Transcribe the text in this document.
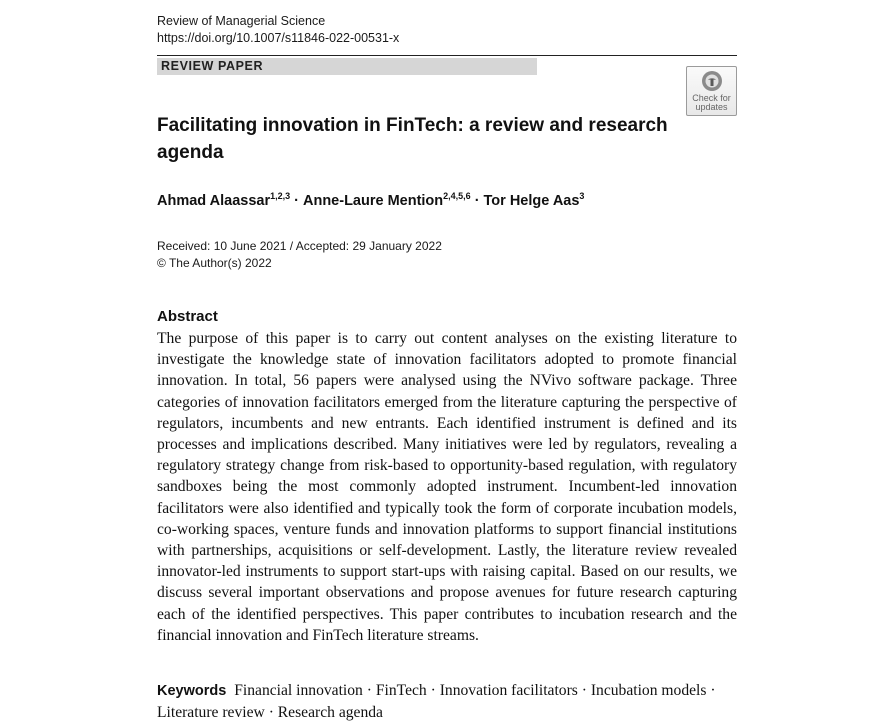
Review of Managerial Science
https://doi.org/10.1007/s11846-022-00531-x
REVIEW PAPER
Check for
updates
Facilitating innovation in FinTech: a review and research agenda
Ahmad Alaassar$^{1,2,3}$ · Anne-Laure Mention$^{2,4,5,6}$ · Tor Helge Aas$^3$
Received: 10 June 2021 / Accepted: 29 January 2022
© The Author(s) 2022
Abstract
The purpose of this paper is to carry out content analyses on the existing literature to investigate the knowledge state of innovation facilitators adopted to promote financial innovation. In total, 56 papers were analysed using the NVivo software package. Three categories of innovation facilitators emerged from the literature capturing the perspective of regulators, incumbents and new entrants. Each identified instrument is defined and its processes and implications described. Many initiatives were led by regulators, revealing a regulatory strategy change from risk-based to opportunity-based regulation, with regulatory sandboxes being the most commonly adopted instrument. Incumbent-led innovation facilitators were also identified and typically took the form of corporate incubation models, co-working spaces, venture funds and innovation platforms to support financial institutions with partnerships, acquisitions or self-development. Lastly, the literature review revealed innovator-led instruments to support start-ups with raising capital. Based on our results, we discuss several important observations and propose avenues for future research capturing each of the identified perspectives. This paper contributes to incubation research and the financial innovation and FinTech literature streams.
Keywords Financial innovation · FinTech · Innovation facilitators · Incubation models · Literature review · Research agenda
